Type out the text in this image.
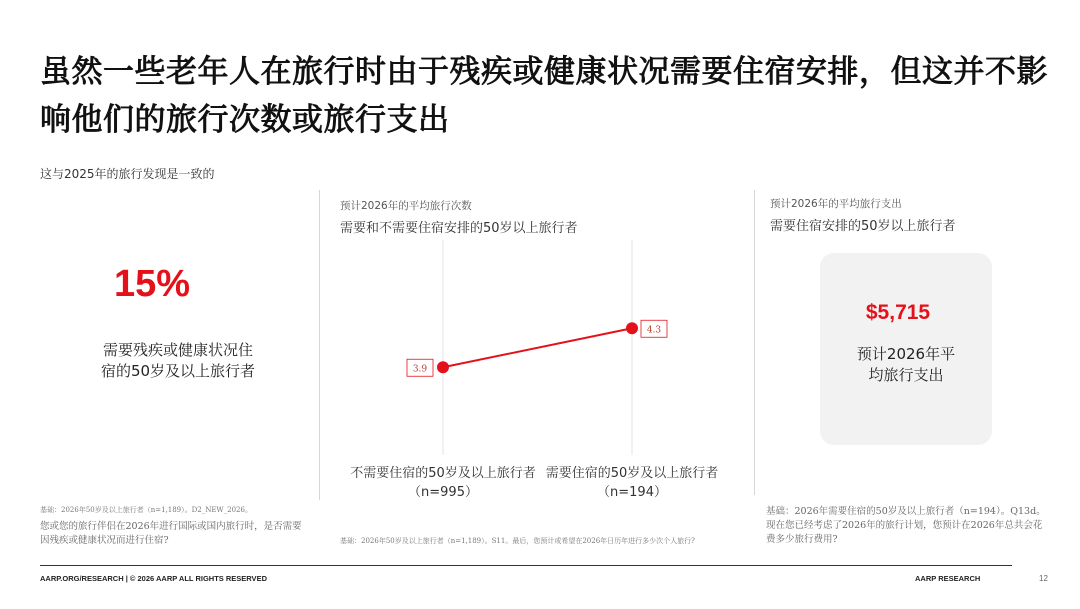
虽然一些老年人在旅行时由于残疾或健康状况需要住宿安排，但这并不影响他们的旅行次数或旅行支出
这与2025年的旅行发现是一致的
15%
需要残疾或健康状况住宿的50岁及以上旅行者
基础：2026年50岁及以上旅行者（n=1,189）。D2_NEW_2026。
您或您的旅行伴侣在2026年进行国际或国内旅行时，是否需要因残疾或健康状况而进行住宿?
预计2026年的平均旅行次数
需要和不需要住宿安排的50岁以上旅行者
3.9
4.3
不需要住宿的50岁及以上旅行者（n=995）
需要住宿的50岁及以上旅行者（n=194）
基础：2026年50岁及以上旅行者（n=1,189）。S11。最后，您预计或希望在2026年日历年进行多少次个人旅行?
预计2026年的平均旅行支出
需要住宿安排的50岁以上旅行者
$5,715
预计2026年平均旅行支出
基础：2026年需要住宿的50岁及以上旅行者（n=194）。Q13d。现在您已经考虑了2026年的旅行计划，您预计在2026年总共会花费多少旅行费用?
AARP.ORG/RESEARCH | © 2026 AARP ALL RIGHTS RESERVED	AARP RESEARCH	12
